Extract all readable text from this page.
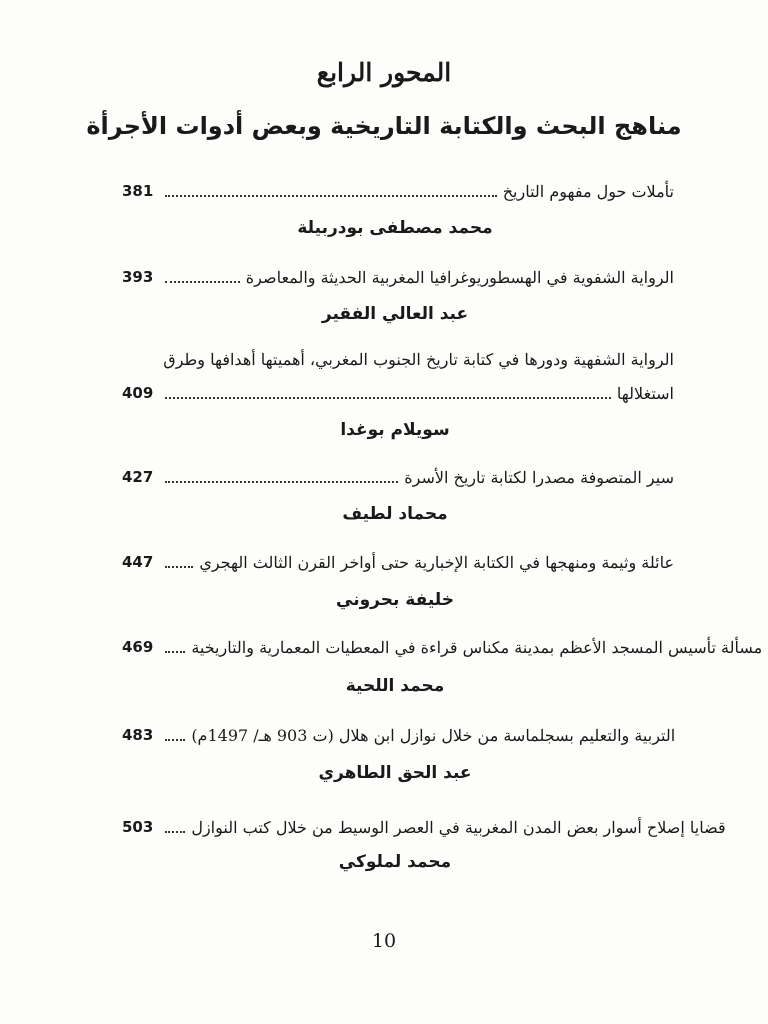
المحور الرابع
مناهج البحث والكتابة التاريخية وبعض أدوات الأجرأة
381	تأملات حول مفهوم التاريخ
محمد مصطفى بودربيلة
393	الرواية الشفوية في الهسطوريوغرافيا المغربية الحديثة والمعاصرة
عبد العالي الفقير
الرواية الشفهية ودورها في كتابة تاريخ الجنوب المغربي، أهميتها أهدافها وطرق
409	استغلالها
سويلام بوغدا
427	سير المتصوفة مصدرا لكتابة تاريخ الأسرة
محماد لطيف
447	عائلة وثيمة ومنهجها في الكتابة الإخبارية حتى أواخر القرن الثالث الهجري
خليفة بحروني
469 مسألة تأسيس المسجد الأعظم بمدينة مكناس قراءة في المعطيات المعمارية والتاريخية
محمد اللحية
483 التربية والتعليم بسجلماسة من خلال نوازل ابن هلال (ت 903 هـ/ 1497م)
عبد الحق الطاهري
503 قضايا إصلاح أسوار بعض المدن المغربية في العصر الوسيط من خلال كتب النوازل
محمد لملوكي
10
